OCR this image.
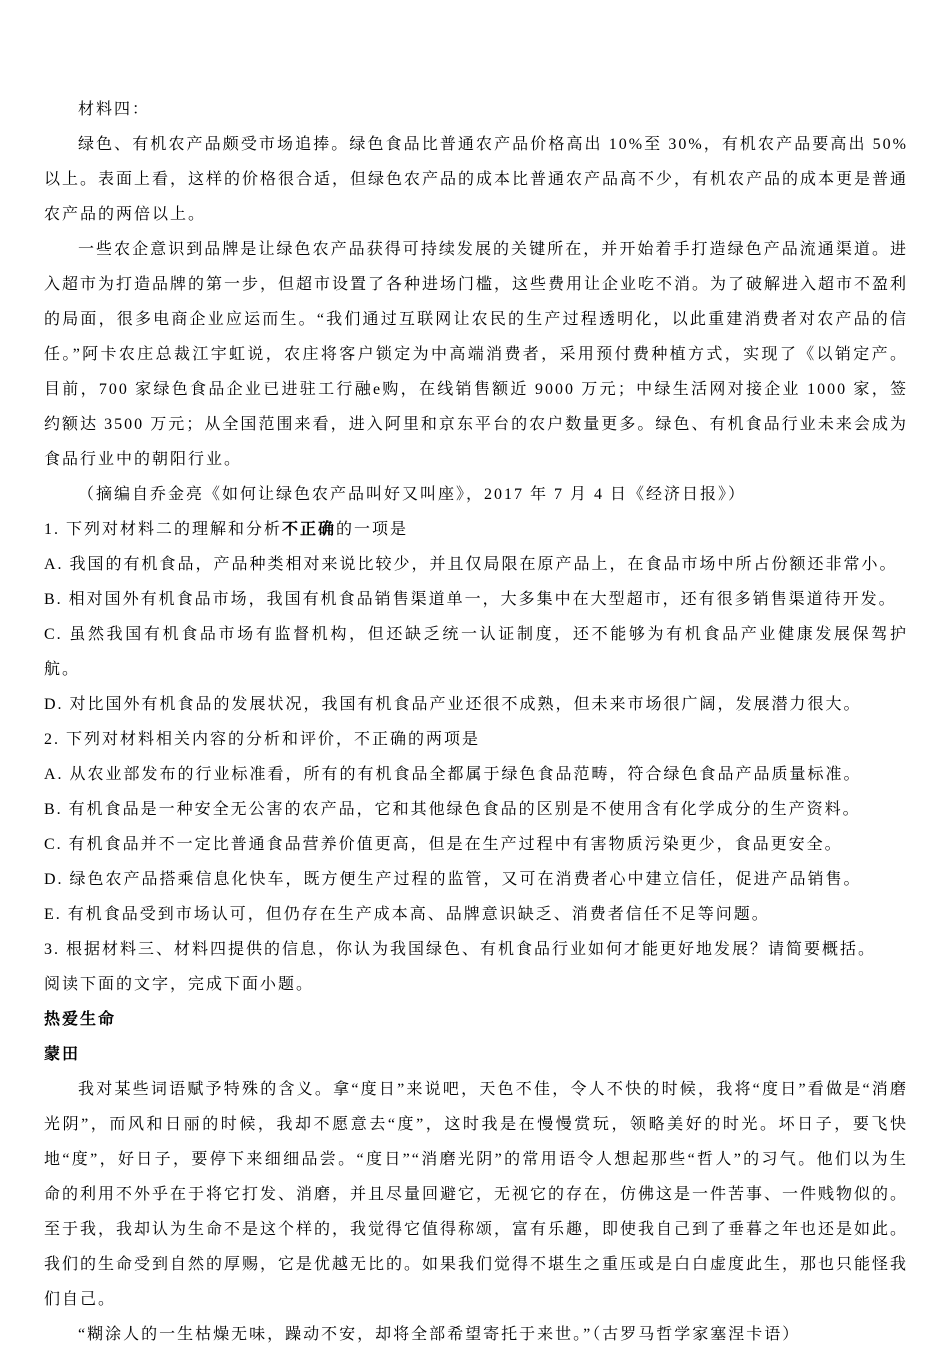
材料四：

绿色、有机农产品颇受市场追捧。绿色食品比普通农产品价格高出 10%至 30%，有机农产品要高出 50%以上。表面上看，这样的价格很合适，但绿色农产品的成本比普通农产品高不少，有机农产品的成本更是普通农产品的两倍以上。

一些农企意识到品牌是让绿色农产品获得可持续发展的关键所在，并开始着手打造绿色产品流通渠道。进入超市为打造品牌的第一步，但超市设置了各种进场门槛，这些费用让企业吃不消。为了破解进入超市不盈利的局面，很多电商企业应运而生。“我们通过互联网让农民的生产过程透明化，以此重建消费者对农产品的信任。”阿卡农庄总裁江宇虹说，农庄将客户锁定为中高端消费者，采用预付费种植方式，实现了《以销定产。目前，700 家绿色食品企业已进驻工行融e购，在线销售额近 9000 万元；中绿生活网对接企业 1000 家，签约额达 3500 万元；从全国范围来看，进入阿里和京东平台的农户数量更多。绿色、有机食品行业未来会成为食品行业中的朝阳行业。

（摘编自乔金亮《如何让绿色农产品叫好又叫座》，2017 年 7 月 4 日《经济日报》）

1. 下列对材料二的理解和分析不正确的一项是

A. 我国的有机食品，产品种类相对来说比较少，并且仅局限在原产品上，在食品市场中所占份额还非常小。

B. 相对国外有机食品市场，我国有机食品销售渠道单一，大多集中在大型超市，还有很多销售渠道待开发。

C. 虽然我国有机食品市场有监督机构，但还缺乏统一认证制度，还不能够为有机食品产业健康发展保驾护航。

D. 对比国外有机食品的发展状况，我国有机食品产业还很不成熟，但未来市场很广阔，发展潜力很大。

2. 下列对材料相关内容的分析和评价，不正确的两项是

A. 从农业部发布的行业标准看，所有的有机食品全都属于绿色食品范畴，符合绿色食品产品质量标准。

B. 有机食品是一种安全无公害的农产品，它和其他绿色食品的区别是不使用含有化学成分的生产资料。

C. 有机食品并不一定比普通食品营养价值更高，但是在生产过程中有害物质污染更少，食品更安全。

D. 绿色农产品搭乘信息化快车，既方便生产过程的监管，又可在消费者心中建立信任，促进产品销售。

E. 有机食品受到市场认可，但仍存在生产成本高、品牌意识缺乏、消费者信任不足等问题。

3. 根据材料三、材料四提供的信息，你认为我国绿色、有机食品行业如何才能更好地发展？请简要概括。

阅读下面的文字，完成下面小题。

热爱生命

蒙田

我对某些词语赋予特殊的含义。拿“度日”来说吧，天色不佳，令人不快的时候，我将“度日”看做是“消磨光阴”，而风和日丽的时候，我却不愿意去“度”，这时我是在慢慢赏玩，领略美好的时光。坏日子，要飞快地“度”，好日子，要停下来细细品尝。“度日”“消磨光阴”的常用语令人想起那些“哲人”的习气。他们以为生命的利用不外乎在于将它打发、消磨，并且尽量回避它，无视它的存在，仿佛这是一件苦事、一件贱物似的。至于我，我却认为生命不是这个样的，我觉得它值得称颂，富有乐趣，即使我自己到了垂暮之年也还是如此。我们的生命受到自然的厚赐，它是优越无比的。如果我们觉得不堪生之重压或是白白虚度此生，那也只能怪我们自己。

“糊涂人的一生枯燥无味，躁动不安，却将全部希望寄托于来世。”（古罗马哲学家塞涅卡语）
